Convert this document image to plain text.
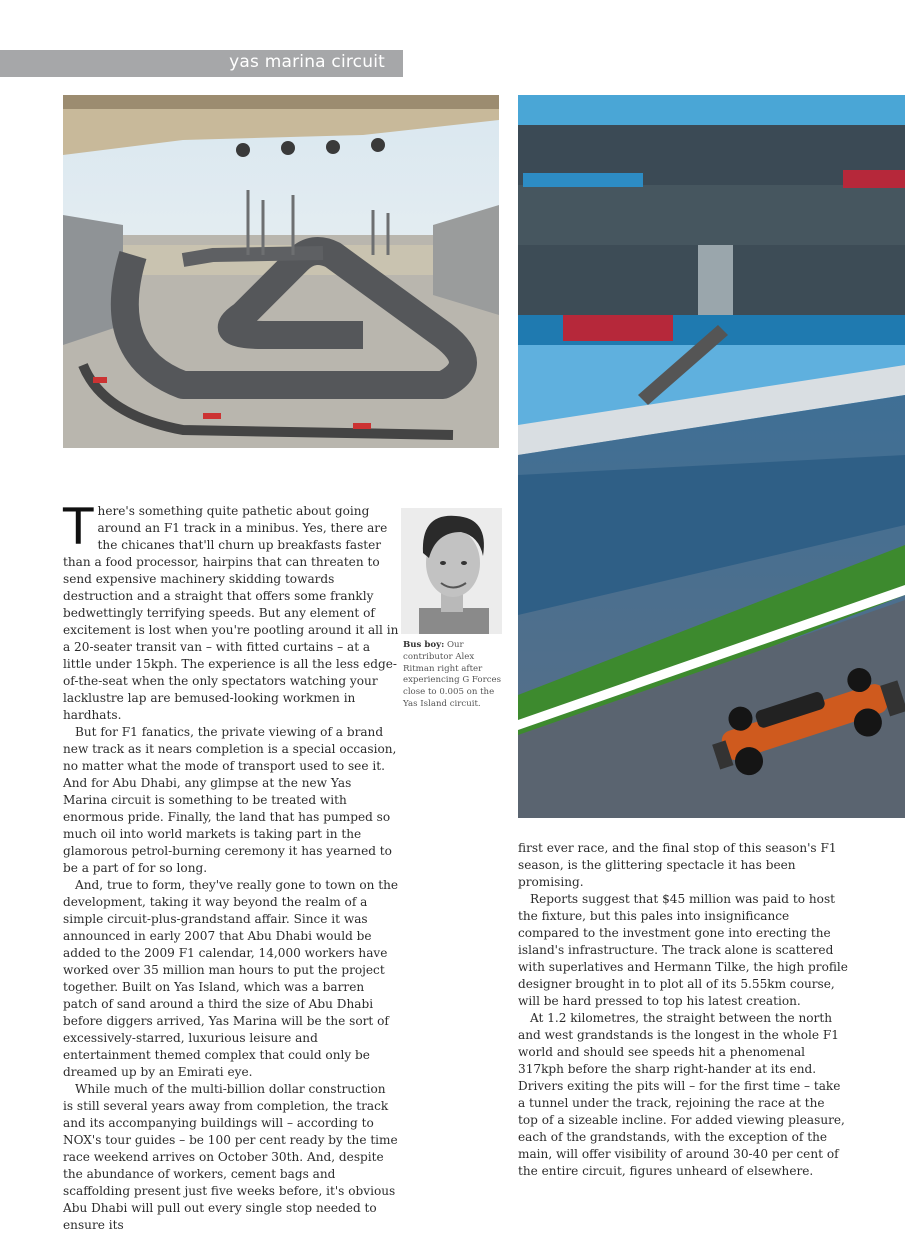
yas marina circuit
Bus boy: Our contributor Alex Ritman right after experiencing G Forces close to 0.005 on the Yas Island circuit.

There's something quite pathetic about going around an F1 track in a minibus. Yes, there are the chicanes that'll churn up breakfasts faster than a food processor, hairpins that can threaten to send expensive machinery skidding towards destruction and a straight that offers some frankly bedwettingly terrifying speeds. But any element of excitement is lost when you're pootling around it all in a 20-seater transit van – with fitted curtains – at a little under 15kph. The experience is all the less edge-of-the-seat when the only spectators watching your lacklustre lap are bemused-looking workmen in hardhats.

But for F1 fanatics, the private viewing of a brand new track as it nears completion is a special occasion, no matter what the mode of transport used to see it. And for Abu Dhabi, any glimpse at the new Yas Marina circuit is something to be treated with enormous pride. Finally, the land that has pumped so much oil into world markets is taking part in the glamorous petrol-burning ceremony it has yearned to be a part of for so long.

And, true to form, they've really gone to town on the development, taking it way beyond the realm of a simple circuit-plus-grandstand affair. Since it was announced in early 2007 that Abu Dhabi would be added to the 2009 F1 calendar, 14,000 workers have worked over 35 million man hours to put the project together. Built on Yas Island, which was a barren patch of sand around a third the size of Abu Dhabi before diggers arrived, Yas Marina will be the sort of excessively-starred, luxurious leisure and entertainment themed complex that could only be dreamed up by an Emirati eye.

While much of the multi-billion dollar construction is still several years away from completion, the track and its accompanying buildings will – according to NOX's tour guides – be 100 per cent ready by the time race weekend arrives on October 30th. And, despite the abundance of workers, cement bags and scaffolding present just five weeks before, it's obvious Abu Dhabi will pull out every single stop needed to ensure its

first ever race, and the final stop of this season's F1 season, is the glittering spectacle it has been promising.

Reports suggest that $45 million was paid to host the fixture, but this pales into insignificance compared to the investment gone into erecting the island's infrastructure. The track alone is scattered with superlatives and Hermann Tilke, the high profile designer brought in to plot all of its 5.55km course, will be hard pressed to top his latest creation.

At 1.2 kilometres, the straight between the north and west grandstands is the longest in the whole F1 world and should see speeds hit a phenomenal 317kph before the sharp right-hander at its end. Drivers exiting the pits will – for the first time – take a tunnel under the track, rejoining the race at the top of a sizeable incline. For added viewing pleasure, each of the grandstands, with the exception of the main, will offer visibility of around 30-40 per cent of the entire circuit, figures unheard of elsewhere.
